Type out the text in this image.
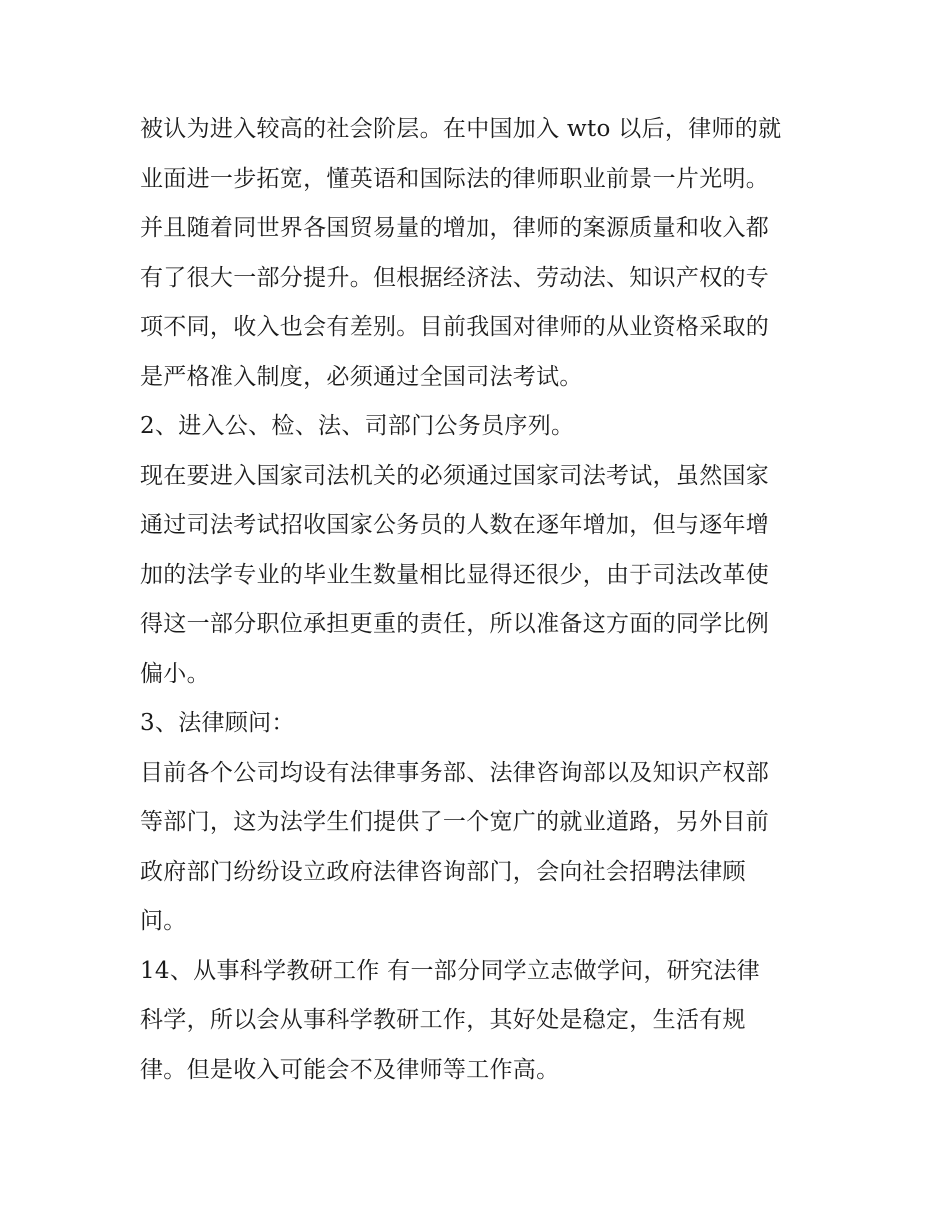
被认为进入较高的社会阶层。在中国加入 wto 以后，律师的就
业面进一步拓宽，懂英语和国际法的律师职业前景一片光明。
并且随着同世界各国贸易量的增加，律师的案源质量和收入都
有了很大一部分提升。但根据经济法、劳动法、知识产权的专
项不同，收入也会有差别。目前我国对律师的从业资格采取的
是严格准入制度，必须通过全国司法考试。
2、进入公、检、法、司部门公务员序列。
现在要进入国家司法机关的必须通过国家司法考试，虽然国家
通过司法考试招收国家公务员的人数在逐年增加，但与逐年增
加的法学专业的毕业生数量相比显得还很少，由于司法改革使
得这一部分职位承担更重的责任，所以准备这方面的同学比例
偏小。
3、法律顾问：
目前各个公司均设有法律事务部、法律咨询部以及知识产权部
等部门，这为法学生们提供了一个宽广的就业道路，另外目前
政府部门纷纷设立政府法律咨询部门，会向社会招聘法律顾
问。
14、从事科学教研工作 有一部分同学立志做学问，研究法律
科学，所以会从事科学教研工作，其好处是稳定，生活有规
律。但是收入可能会不及律师等工作高。
